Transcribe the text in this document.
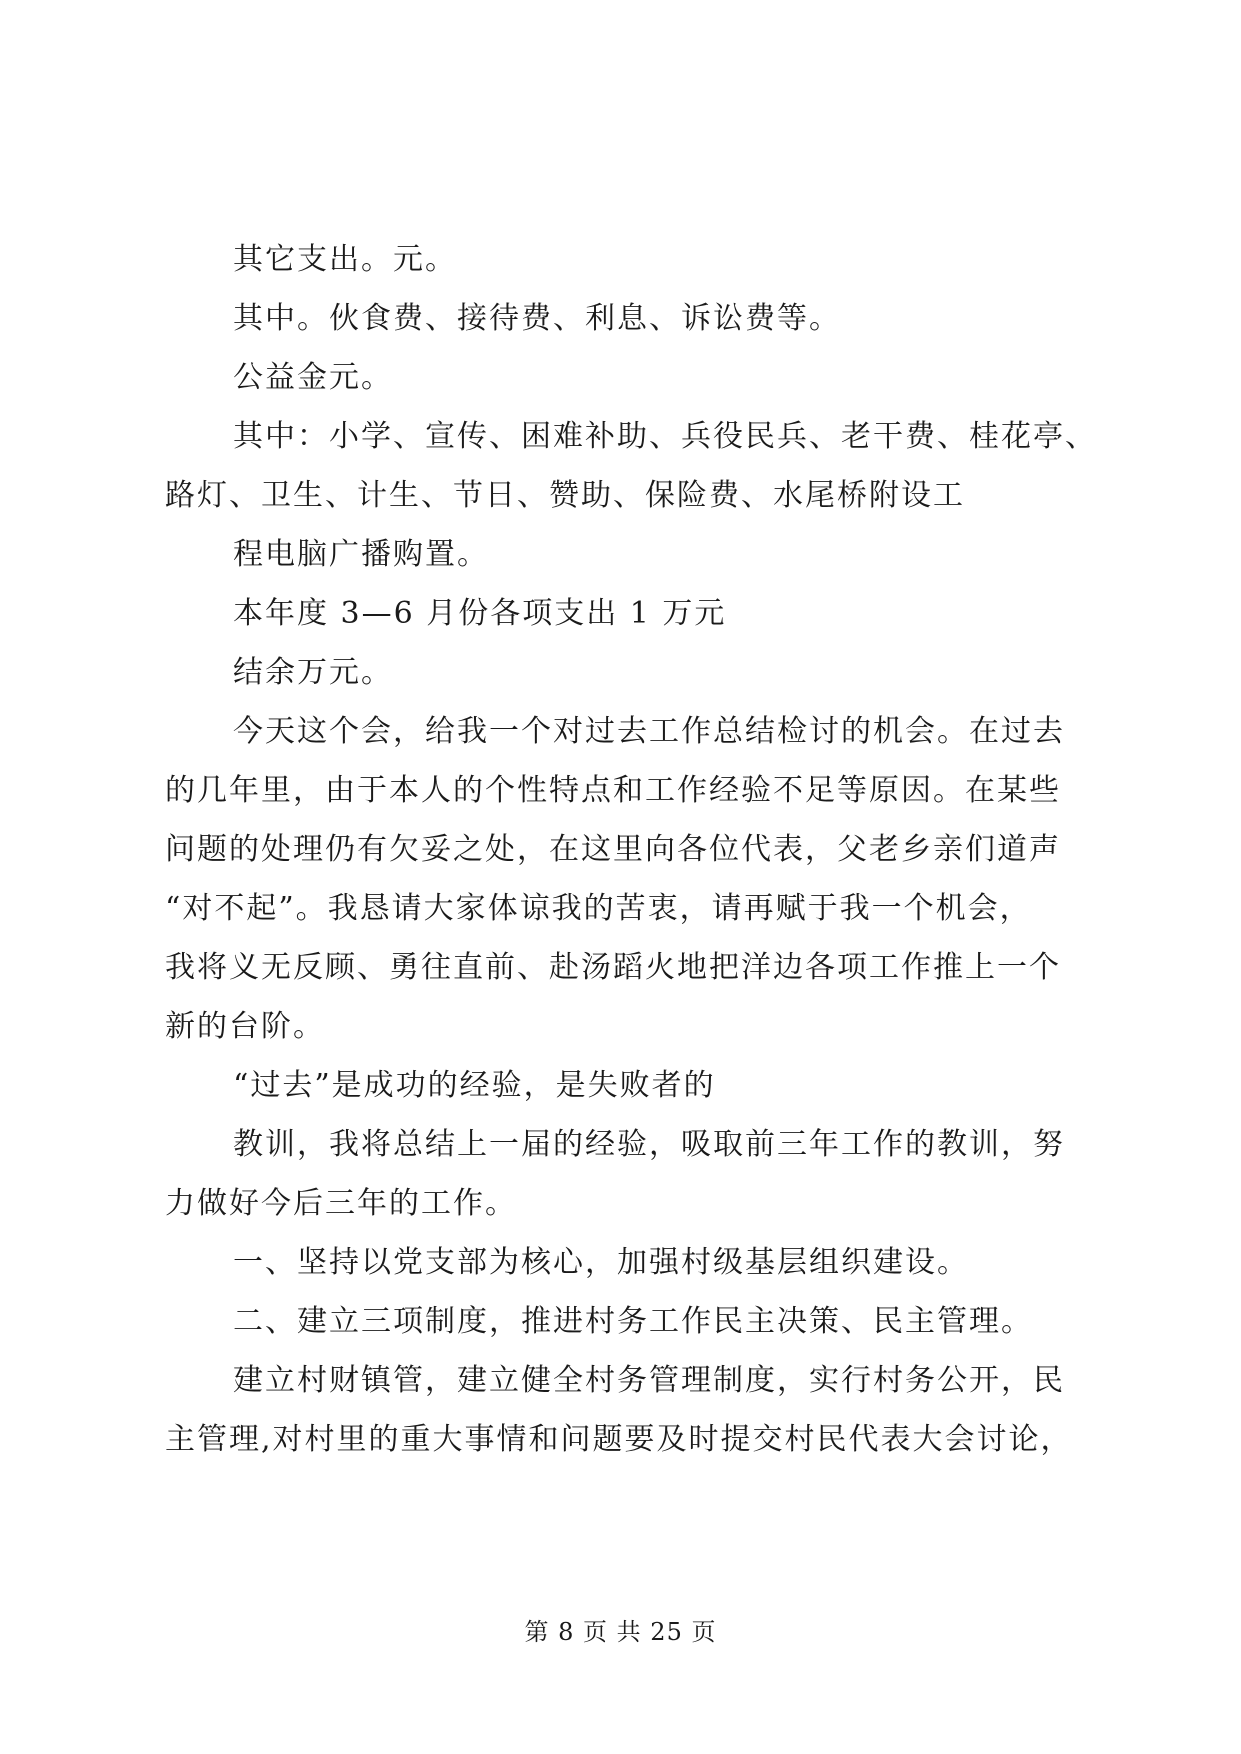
其它支出。元。
其中。伙食费、接待费、利息、诉讼费等。
公益金元。
其中：小学、宣传、困难补助、兵役民兵、老干费、桂花亭、
路灯、卫生、计生、节日、赞助、保险费、水尾桥附设工
程电脑广播购置。
本年度 3—6 月份各项支出 1 万元
结余万元。
今天这个会，给我一个对过去工作总结检讨的机会。在过去
的几年里，由于本人的个性特点和工作经验不足等原因。在某些
问题的处理仍有欠妥之处，在这里向各位代表，父老乡亲们道声
“对不起”。我恳请大家体谅我的苦衷，请再赋于我一个机会，
我将义无反顾、勇往直前、赴汤蹈火地把洋边各项工作推上一个
新的台阶。
“过去”是成功的经验，是失败者的
教训，我将总结上一届的经验，吸取前三年工作的教训，努
力做好今后三年的工作。
一、坚持以党支部为核心，加强村级基层组织建设。
二、建立三项制度，推进村务工作民主决策、民主管理。
建立村财镇管，建立健全村务管理制度，实行村务公开，民
主管理,对村里的重大事情和问题要及时提交村民代表大会讨论，
第 8 页 共 25 页
